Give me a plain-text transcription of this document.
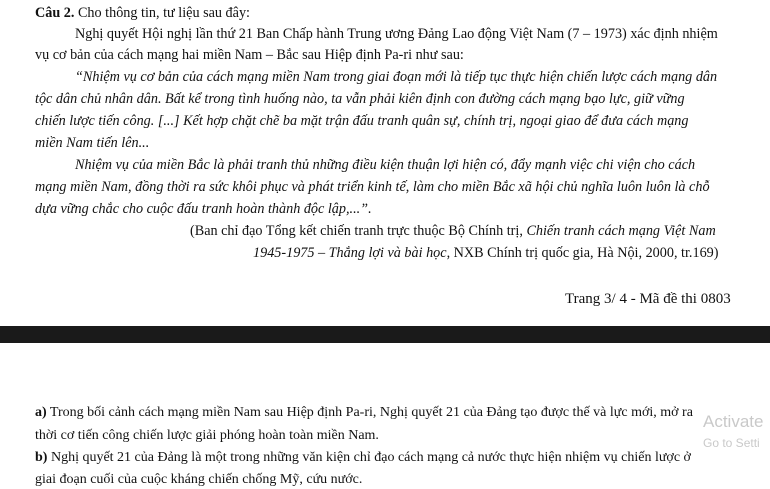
Câu 2. Cho thông tin, tư liệu sau đây:
Nghị quyết Hội nghị lần thứ 21 Ban Chấp hành Trung ương Đảng Lao động Việt Nam (7 – 1973) xác định nhiệm
vụ cơ bản của cách mạng hai miền Nam – Bắc sau Hiệp định Pa-ri như sau:
“Nhiệm vụ cơ bản của cách mạng miền Nam trong giai đoạn mới là tiếp tục thực hiện chiến lược cách mạng dân
tộc dân chủ nhân dân. Bất kể trong tình huống nào, ta vẫn phải kiên định con đường cách mạng bạo lực, giữ vững
chiến lược tiến công. [...] Kết hợp chặt chẽ ba mặt trận đấu tranh quân sự, chính trị, ngoại giao để đưa cách mạng
miền Nam tiến lên...
Nhiệm vụ của miền Bắc là phải tranh thủ những điều kiện thuận lợi hiện có, đẩy mạnh việc chi viện cho cách
mạng miền Nam, đồng thời ra sức khôi phục và phát triển kinh tế, làm cho miền Bắc xã hội chủ nghĩa luôn luôn là chỗ
dựa vững chắc cho cuộc đấu tranh hoàn thành độc lập,...”.
(Ban chỉ đạo Tổng kết chiến tranh trực thuộc Bộ Chính trị, Chiến tranh cách mạng Việt Nam
1945-1975 – Thắng lợi và bài học, NXB Chính trị quốc gia, Hà Nội, 2000, tr.169)
Trang 3/ 4 - Mã đề thi 0803
a) Trong bối cảnh cách mạng miền Nam sau Hiệp định Pa-ri, Nghị quyết 21 của Đảng tạo được thế và lực mới, mở ra
thời cơ tiến công chiến lược giải phóng hoàn toàn miền Nam.
b) Nghị quyết 21 của Đảng là một trong những văn kiện chỉ đạo cách mạng cả nước thực hiện nhiệm vụ chiến lược ở
giai đoạn cuối của cuộc kháng chiến chống Mỹ, cứu nước.
Activate
Go to Setti
